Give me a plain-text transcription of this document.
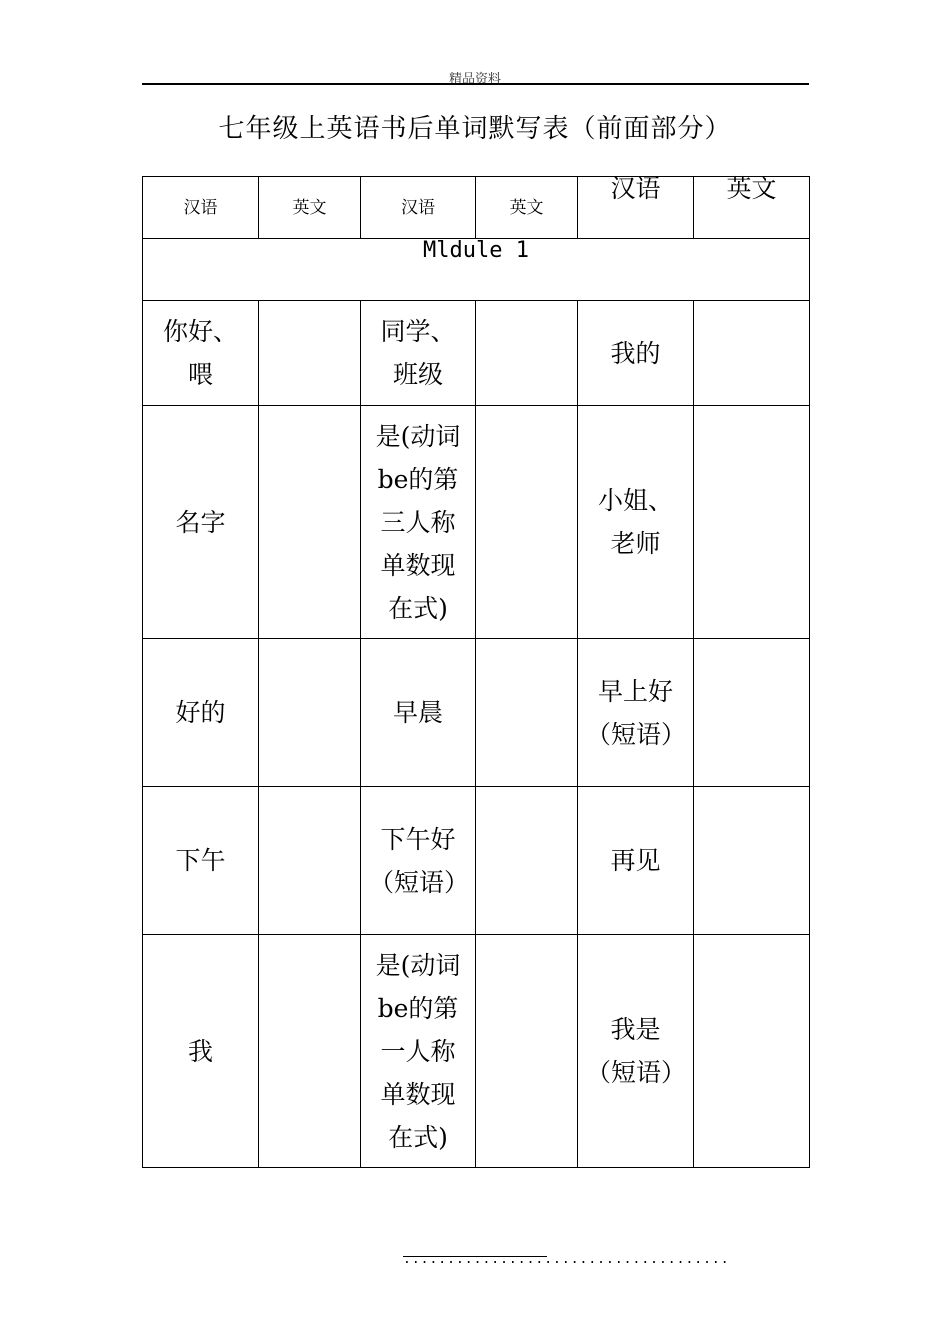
精品资料
七年级上英语书后单词默写表（前面部分）
汉语	英文	汉语	英文	汉语	英文
Mldule 1					
你好、喂		同学、班级		我的	
名字		是(动词be的第三人称单数现在式)		小姐、老师	
好的		早晨		早上好（短语）	
下午		下午好（短语）		再见	
我		是(动词be的第一人称单数现在式)		我是（短语）	
.....................................
